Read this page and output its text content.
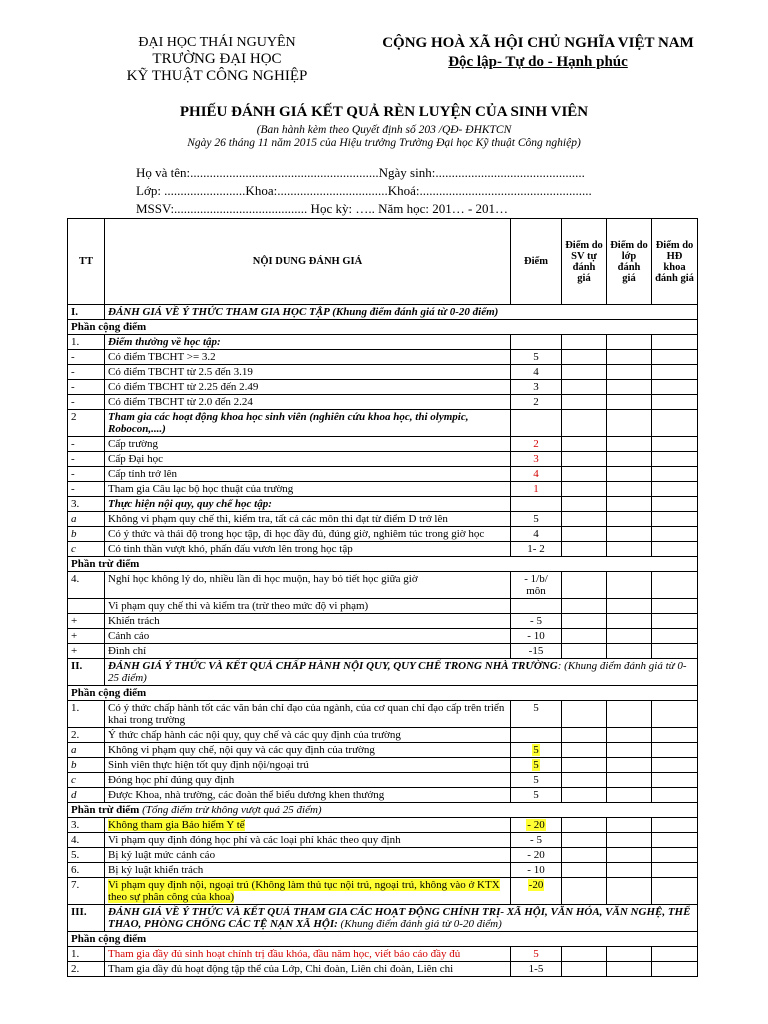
ĐẠI HỌC THÁI NGUYÊN
TRƯỜNG ĐẠI HỌC
KỸ THUẬT CÔNG NGHIỆP
CỘNG HOÀ XÃ HỘI CHỦ NGHĨA VIỆT NAM
Độc lập- Tự do - Hạnh phúc
PHIẾU ĐÁNH GIÁ KẾT QUẢ RÈN LUYỆN CỦA SINH VIÊN
(Ban hành kèm theo Quyết định số 203 /QĐ- ĐHKTCN
Ngày 26 tháng 11 năm 2015 của Hiệu trưởng Trường Đại học Kỹ thuật Công nghiệp)
Họ và tên:..........................................................Ngày sinh:..............................................
Lớp: .........................Khoa:..................................Khoá:.....................................................
MSSV:......................................... Học kỳ: ….. Năm học: 201… - 201…
TT	NỘI DUNG ĐÁNH GIÁ	Điểm	Điểm do SV tự đánh giá	Điểm do lớp đánh giá	Điểm do HĐ khoa đánh giá
I.	ĐÁNH GIÁ VỀ Ý THỨC THAM GIA HỌC TẬP (Khung điểm đánh giá từ 0-20 điểm)				
Phần cộng điểm					
1.	Điểm thưởng về học tập:				
-	Có điểm TBCHT >= 3.2	5			
-	Có điểm TBCHT từ 2.5 đến 3.19	4			
-	Có điểm TBCHT từ 2.25 đến 2.49	3			
-	Có điểm TBCHT từ 2.0 đến 2.24	2			
2	Tham gia các hoạt động khoa học sinh viên (nghiên cứu khoa học, thi olympic, Robocon,....)				
-	Cấp trường	2			
-	Cấp Đại học	3			
-	Cấp tỉnh trở lên	4			
-	Tham gia Câu lạc bộ học thuật của trường	1			
3.	Thực hiện nội quy, quy chế học tập:				
a	Không vi phạm quy chế thi, kiểm tra, tất cả các môn thi đạt từ điểm D trở lên	5			
b	Có ý thức và thái độ trong học tập, đi học đầy đủ, đúng giờ, nghiêm túc trong giờ học	4			
c	Có tinh thần vượt khó, phấn đấu vươn lên trong học tập	1- 2			
Phần trừ điểm					
4.	Nghỉ học không lý do, nhiều lần đi học muộn, hay bỏ tiết học giữa giờ	- 1/b/ môn			
	Vi phạm quy chế thi và kiểm tra (trừ theo mức độ vi phạm)				
+	Khiển trách	- 5			
+	Cảnh cáo	- 10			
+	Đình chỉ	-15			
II.	ĐÁNH GIÁ Ý THỨC VÀ KẾT QUẢ CHẤP HÀNH NỘI QUY, QUY CHẾ TRONG NHÀ TRƯỜNG: (Khung điểm đánh giá từ 0-25 điểm)				
Phần cộng điểm					
1.	Có ý thức chấp hành tốt các văn bản chỉ đạo của ngành, của cơ quan chỉ đạo cấp trên triển khai trong trường	5			
2.	Ý thức chấp hành các nội quy, quy chế và các quy định của trường				
a	Không vi phạm quy chế, nội quy và các quy định của trường	5			
b	Sinh viên thực hiện tốt quy định nội/ngoại trú	5			
c	Đóng học phí đúng quy định	5			
d	Được Khoa, nhà trường, các đoàn thể biểu dương khen thưởng	5			
Phần trừ điểm (Tổng điểm trừ không vượt quá 25 điểm)					
3.	Không tham gia Bảo hiểm Y tế	- 20			
4.	Vi phạm quy định đóng học phí và các loại phí khác theo quy định	- 5			
5.	Bị kỷ luật mức cảnh cáo	- 20			
6.	Bị kỷ luật khiển trách	- 10			
7.	Vi phạm quy định nội, ngoại trú (Không làm thủ tục nội trú, ngoại trú, không vào ở KTX theo sự phân công của khoa)	-20			
III.	ĐÁNH GIÁ VỀ Ý THỨC VÀ KẾT QUẢ THAM GIA CÁC HOẠT ĐỘNG CHÍNH TRỊ- XÃ HỘI, VĂN HÓA, VĂN NGHỆ, THỂ THAO, PHÒNG CHỐNG CÁC TỆ NẠN XÃ HỘI: (Khung điểm đánh giá từ 0-20 điểm)				
Phần cộng điểm					
1.	Tham gia đầy đủ sinh hoạt chính trị đầu khóa, đầu năm học, viết báo cáo đầy đủ	5			
2.	Tham gia đầy đủ hoạt động tập thể của Lớp, Chi đoàn, Liên chi đoàn, Liên chi	1-5			
